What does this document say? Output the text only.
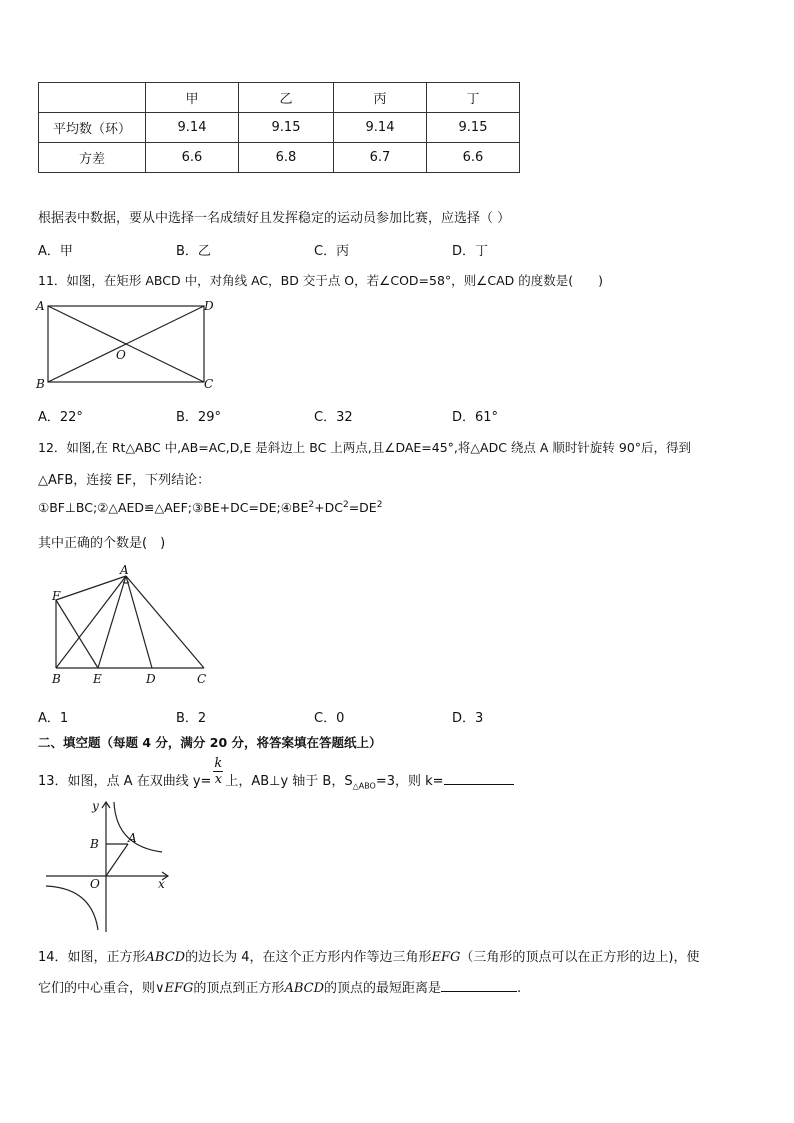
	甲	乙	丙	丁
平均数（环）	9.14	9.15	9.14	9.15
方差	6.6	6.8	6.7	6.6
根据表中数据，要从中选择一名成绩好且发挥稳定的运动员参加比赛，应选择（ ）
A．甲	B．乙	C．丙	D．丁
11．如图，在矩形 ABCD 中，对角线 AC，BD 交于点 O，若∠COD=58°，则∠CAD 的度数是(　　)
A	D
B	C
O
A．22°	B．29°	C．32	D．61°
12．如图,在 Rt△ABC 中,AB=AC,D,E 是斜边上 BC 上两点,且∠DAE=45°,将△ADC 绕点 A 顺时针旋转 90°后，得到
△AFB，连接 EF，下列结论：
$①BF\perp BC;②\triangle AED≌\triangle AEF;③BE+DC=DE;④BE^2+DC^2=DE^2$
其中正确的个数是(　)
A
F
B	E	D	C
A．1	B．2	C．0	D．3
二、填空题（每题 4 分，满分 20 分，将答案填在答题纸上）
13．如图，点 A 在双曲线 $y= \frac{k}{x}$ 上，AB⊥y 轴于 B，$S_{\triangle ABO}=3$，则 k=
y
x
O
A
B
14．如图，正方形ABCD的边长为 4，在这个正方形内作等边三角形EFG（三角形的顶点可以在正方形的边上)，使
它们的中心重合，则∨EFG的顶点到正方形ABCD的顶点的最短距离是	.
